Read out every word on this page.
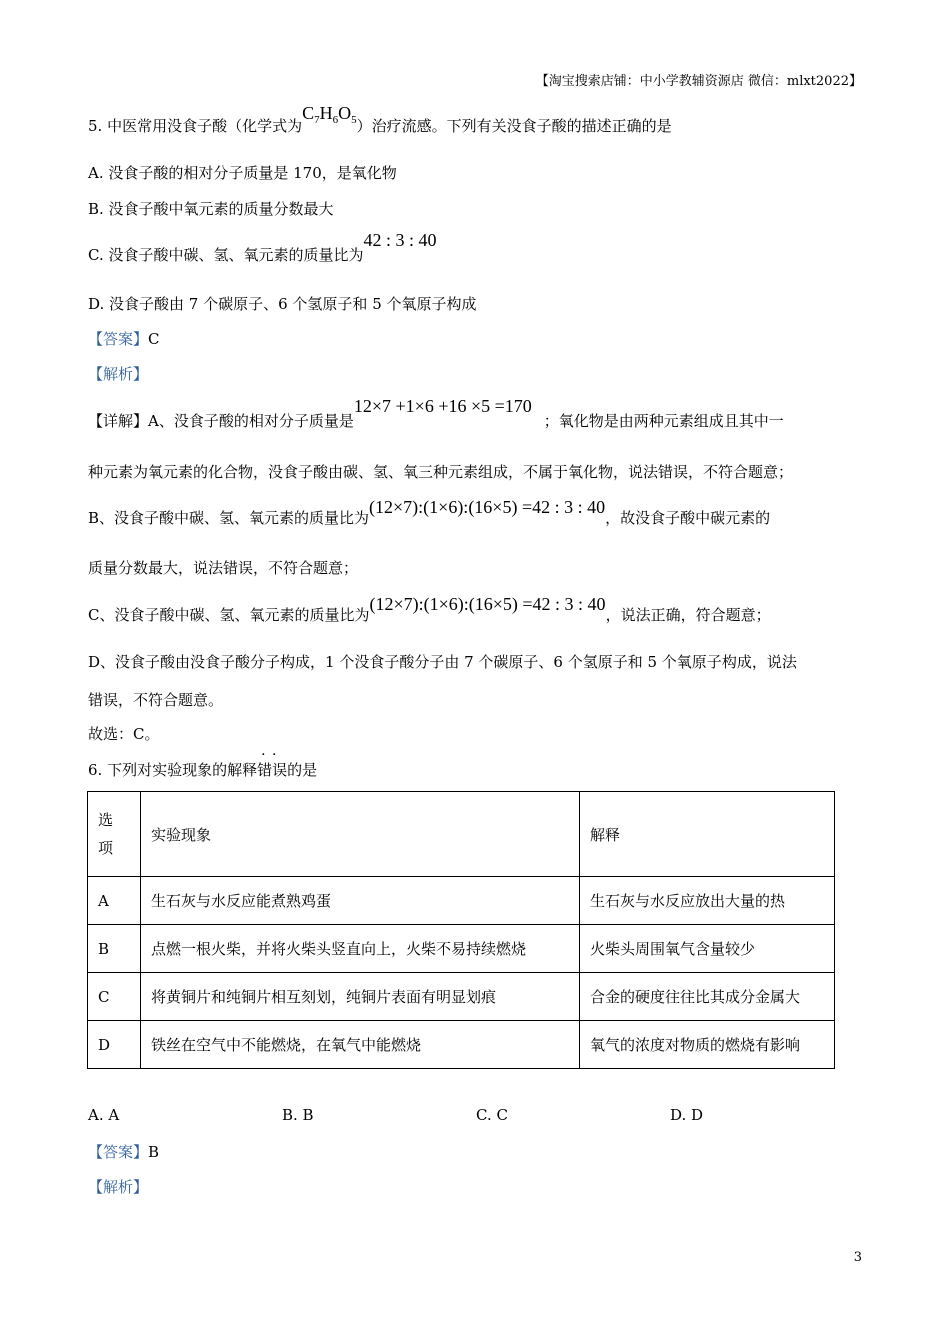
【淘宝搜索店铺：中小学教辅资源店 微信：mlxt2022】
5. 中医常用没食子酸（化学式为$C_7H_6O_5$）治疗流感。下列有关没食子酸的描述正确的是
A. 没食子酸的相对分子质量是 170，是氧化物
B. 没食子酸中氧元素的质量分数最大
C. 没食子酸中碳、氢、氧元素的质量比为42 : 3 : 40
D. 没食子酸由 7 个碳原子、6 个氢原子和 5 个氧原子构成
【答案】C
【解析】
【详解】A、没食子酸的相对分子质量是12×7 +1×6 +16 ×5 =170；氧化物是由两种元素组成且其中一
种元素为氧元素的化合物，没食子酸由碳、氢、氧三种元素组成，不属于氧化物，说法错误，不符合题意；
B、没食子酸中碳、氢、氧元素的质量比为(12×7):(1×6):(16×5) =42 : 3 : 40，故没食子酸中碳元素的
质量分数最大，说法错误，不符合题意；
C、没食子酸中碳、氢、氧元素的质量比为(12×7):(1×6):(16×5) =42 : 3 : 40，说法正确，符合题意；
D、没食子酸由没食子酸分子构成，1 个没食子酸分子由 7 个碳原子、6 个氢原子和 5 个氧原子构成，说法
错误，不符合题意。
故选：C。
6. 下列对实验现象的解释· · 错误的是
选
项	实验现象	解释
A	生石灰与水反应能煮熟鸡蛋	生石灰与水反应放出大量的热
B	点燃一根火柴，并将火柴头竖直向上，火柴不易持续燃烧	火柴头周围氧气含量较少
C	将黄铜片和纯铜片相互刻划，纯铜片表面有明显划痕	合金的硬度往往比其成分金属大
D	铁丝在空气中不能燃烧，在氧气中能燃烧	氧气的浓度对物质的燃烧有影响
A. A	B. B	C. C	D. D
【答案】B
【解析】
3
